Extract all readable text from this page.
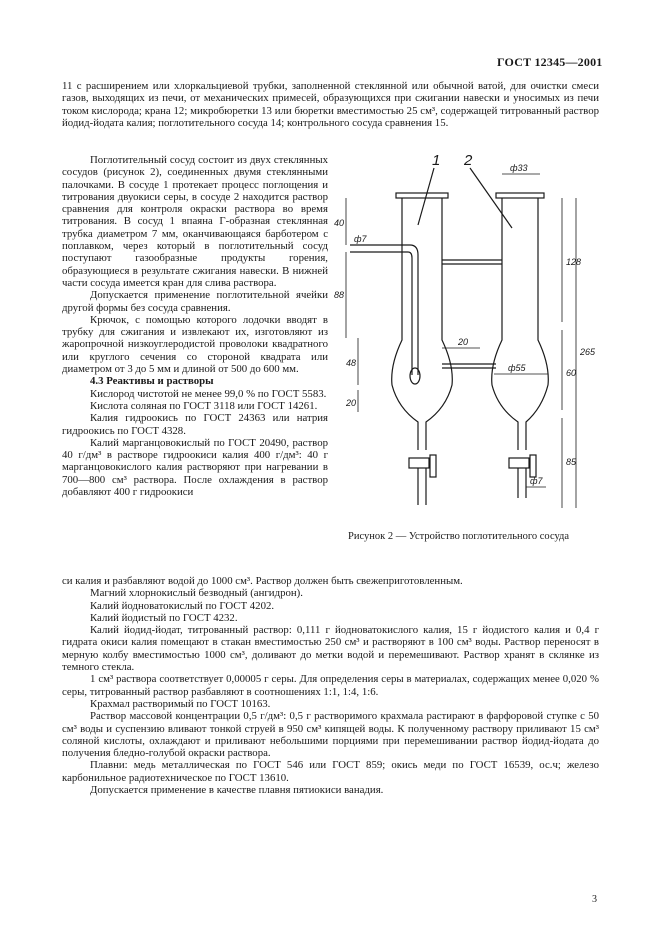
ГОСТ 12345—2001

11 с расширением или хлоркальциевой трубки, заполненной стеклянной или обычной ватой, для очистки смеси газов, выходящих из печи, от механических примесей, образующихся при сжигании навески и уносимых из печи током кислорода; крана 12; микробюретки 13 или бюретки вместимостью 25 см³, содержащей титрованный раствор йодид-йодата калия; поглотительного сосуда 14; контрольного сосуда сравнения 15.

Поглотительный сосуд состоит из двух стеклянных сосудов (рисунок 2), соединенных двумя стеклянными палочками. В сосуде 1 протекает процесс поглощения и титрования двуокиси серы, в сосуде 2 находится раствор сравнения для контроля окраски раствора во время титрования. В сосуд 1 впаяна Г-образная стеклянная трубка диаметром 7 мм, оканчивающаяся барботером с поплавком, через который в поглотительный сосуд поступают газообразные продукты горения, образующиеся в результате сжигания навески. В нижней части сосуда имеется кран для слива раствора.

Допускается применение поглотительной ячейки другой формы без сосуда сравнения.

Крючок, с помощью которого лодочки вводят в трубку для сжигания и извлекают их, изготовляют из жаропрочной низкоуглеродистой проволоки квадратного или круглого сечения со стороной квадрата или диаметром от 3 до 5 мм и длиной от 500 до 600 мм.

4.3 Реактивы и растворы

Кислород чистотой не менее 99,0 % по ГОСТ 5583.

Кислота соляная по ГОСТ 3118 или ГОСТ 14261.

Калия гидроокись по ГОСТ 24363 или натрия гидроокись по ГОСТ 4328.

Калий марганцовокислый по ГОСТ 20490, раствор 40 г/дм³ в растворе гидроокиси калия 400 г/дм³: 40 г марганцовокислого калия растворяют при нагревании в 700—800 см³ раствора. После охлаждения в раствор добавляют 400 г гидроокиси

1 2	ф33
ф7
40
88
48
20
20
ф55
128
265
60
85
ф7
Рисунок 2 — Устройство поглотительного сосуда

си калия и разбавляют водой до 1000 см³. Раствор должен быть свежеприготовленным.

Магний хлорнокислый безводный (ангидрон).

Калий йодноватокислый по ГОСТ 4202.

Калий йодистый по ГОСТ 4232.

Калий йодид-йодат, титрованный раствор: 0,111 г йодноватокислого калия, 15 г йодистого калия и 0,4 г гидрата окиси калия помещают в стакан вместимостью 250 см³ и растворяют в 100 см³ воды. Раствор переносят в мерную колбу вместимостью 1000 см³, доливают до метки водой и перемешивают. Раствор хранят в склянке из темного стекла.

1 см³ раствора соответствует 0,00005 г серы. Для определения серы в материалах, содержащих менее 0,020 % серы, титрованный раствор разбавляют в соотношениях 1:1, 1:4, 1:6.

Крахмал растворимый по ГОСТ 10163.

Раствор массовой концентрации 0,5 г/дм³: 0,5 г растворимого крахмала растирают в фарфоровой ступке с 50 см³ воды и суспензию вливают тонкой струей в 950 см³ кипящей воды. К полученному раствору приливают 15 см³ соляной кислоты, охлаждают и приливают небольшими порциями при перемешивании раствор йодид-йодата до получения бледно-голубой окраски раствора.

Плавни: медь металлическая по ГОСТ 546 или ГОСТ 859; окись меди по ГОСТ 16539, ос.ч; железо карбонильное радиотехническое по ГОСТ 13610.

Допускается применение в качестве плавня пятиокиси ванадия.

3
